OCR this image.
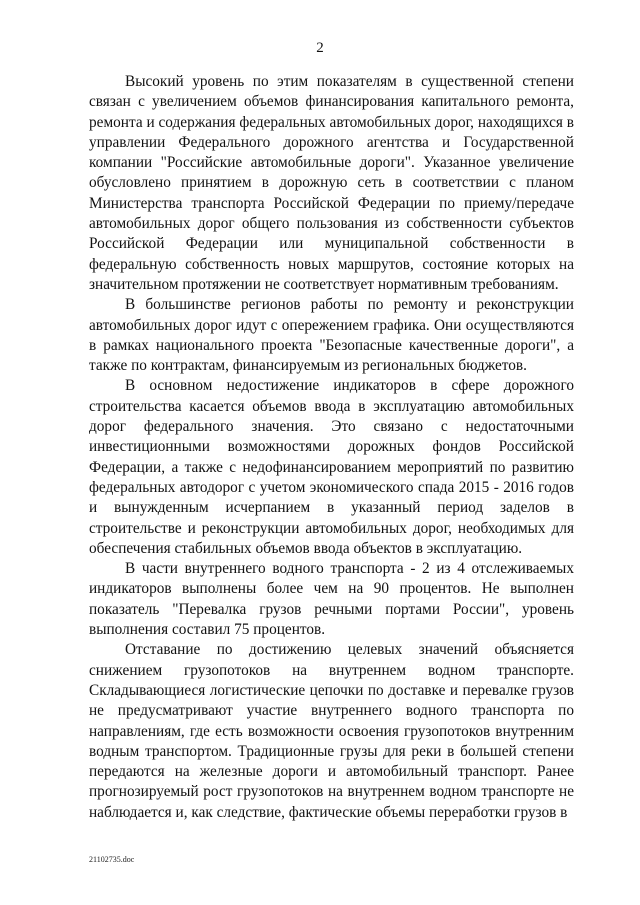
2

Высокий уровень по этим показателям в существенной степени связан с увеличением объемов финансирования капитального ремонта, ремонта и содержания федеральных автомобильных дорог, находящихся в управлении Федерального дорожного агентства и Государственной компании "Российские автомобильные дороги". Указанное увеличение обусловлено принятием в дорожную сеть в соответствии с планом Министерства транспорта Российской Федерации по приему/передаче автомобильных дорог общего пользования из собственности субъектов Российской Федерации или муниципальной собственности в федеральную собственность новых маршрутов, состояние которых на значительном протяжении не соответствует нормативным требованиям.

В большинстве регионов работы по ремонту и реконструкции автомобильных дорог идут с опережением графика. Они осуществляются в рамках национального проекта "Безопасные качественные дороги", а также по контрактам, финансируемым из региональных бюджетов.

В основном недостижение индикаторов в сфере дорожного строительства касается объемов ввода в эксплуатацию автомобильных дорог федерального значения. Это связано с недостаточными инвестиционными возможностями дорожных фондов Российской Федерации, а также с недофинансированием мероприятий по развитию федеральных автодорог с учетом экономического спада 2015 - 2016 годов и вынужденным исчерпанием в указанный период заделов в строительстве и реконструкции автомобильных дорог, необходимых для обеспечения стабильных объемов ввода объектов в эксплуатацию.

В части внутреннего водного транспорта - 2 из 4 отслеживаемых индикаторов выполнены более чем на 90 процентов. Не выполнен показатель "Перевалка грузов речными портами России", уровень выполнения составил 75 процентов.

Отставание по достижению целевых значений объясняется снижением грузопотоков на внутреннем водном транспорте. Складывающиеся логистические цепочки по доставке и перевалке грузов не предусматривают участие внутреннего водного транспорта по направлениям, где есть возможности освоения грузопотоков внутренним водным транспортом. Традиционные грузы для реки в большей степени передаются на железные дороги и автомобильный транспорт. Ранее прогнозируемый рост грузопотоков на внутреннем водном транспорте не наблюдается и, как следствие, фактические объемы переработки грузов в

21102735.doc
